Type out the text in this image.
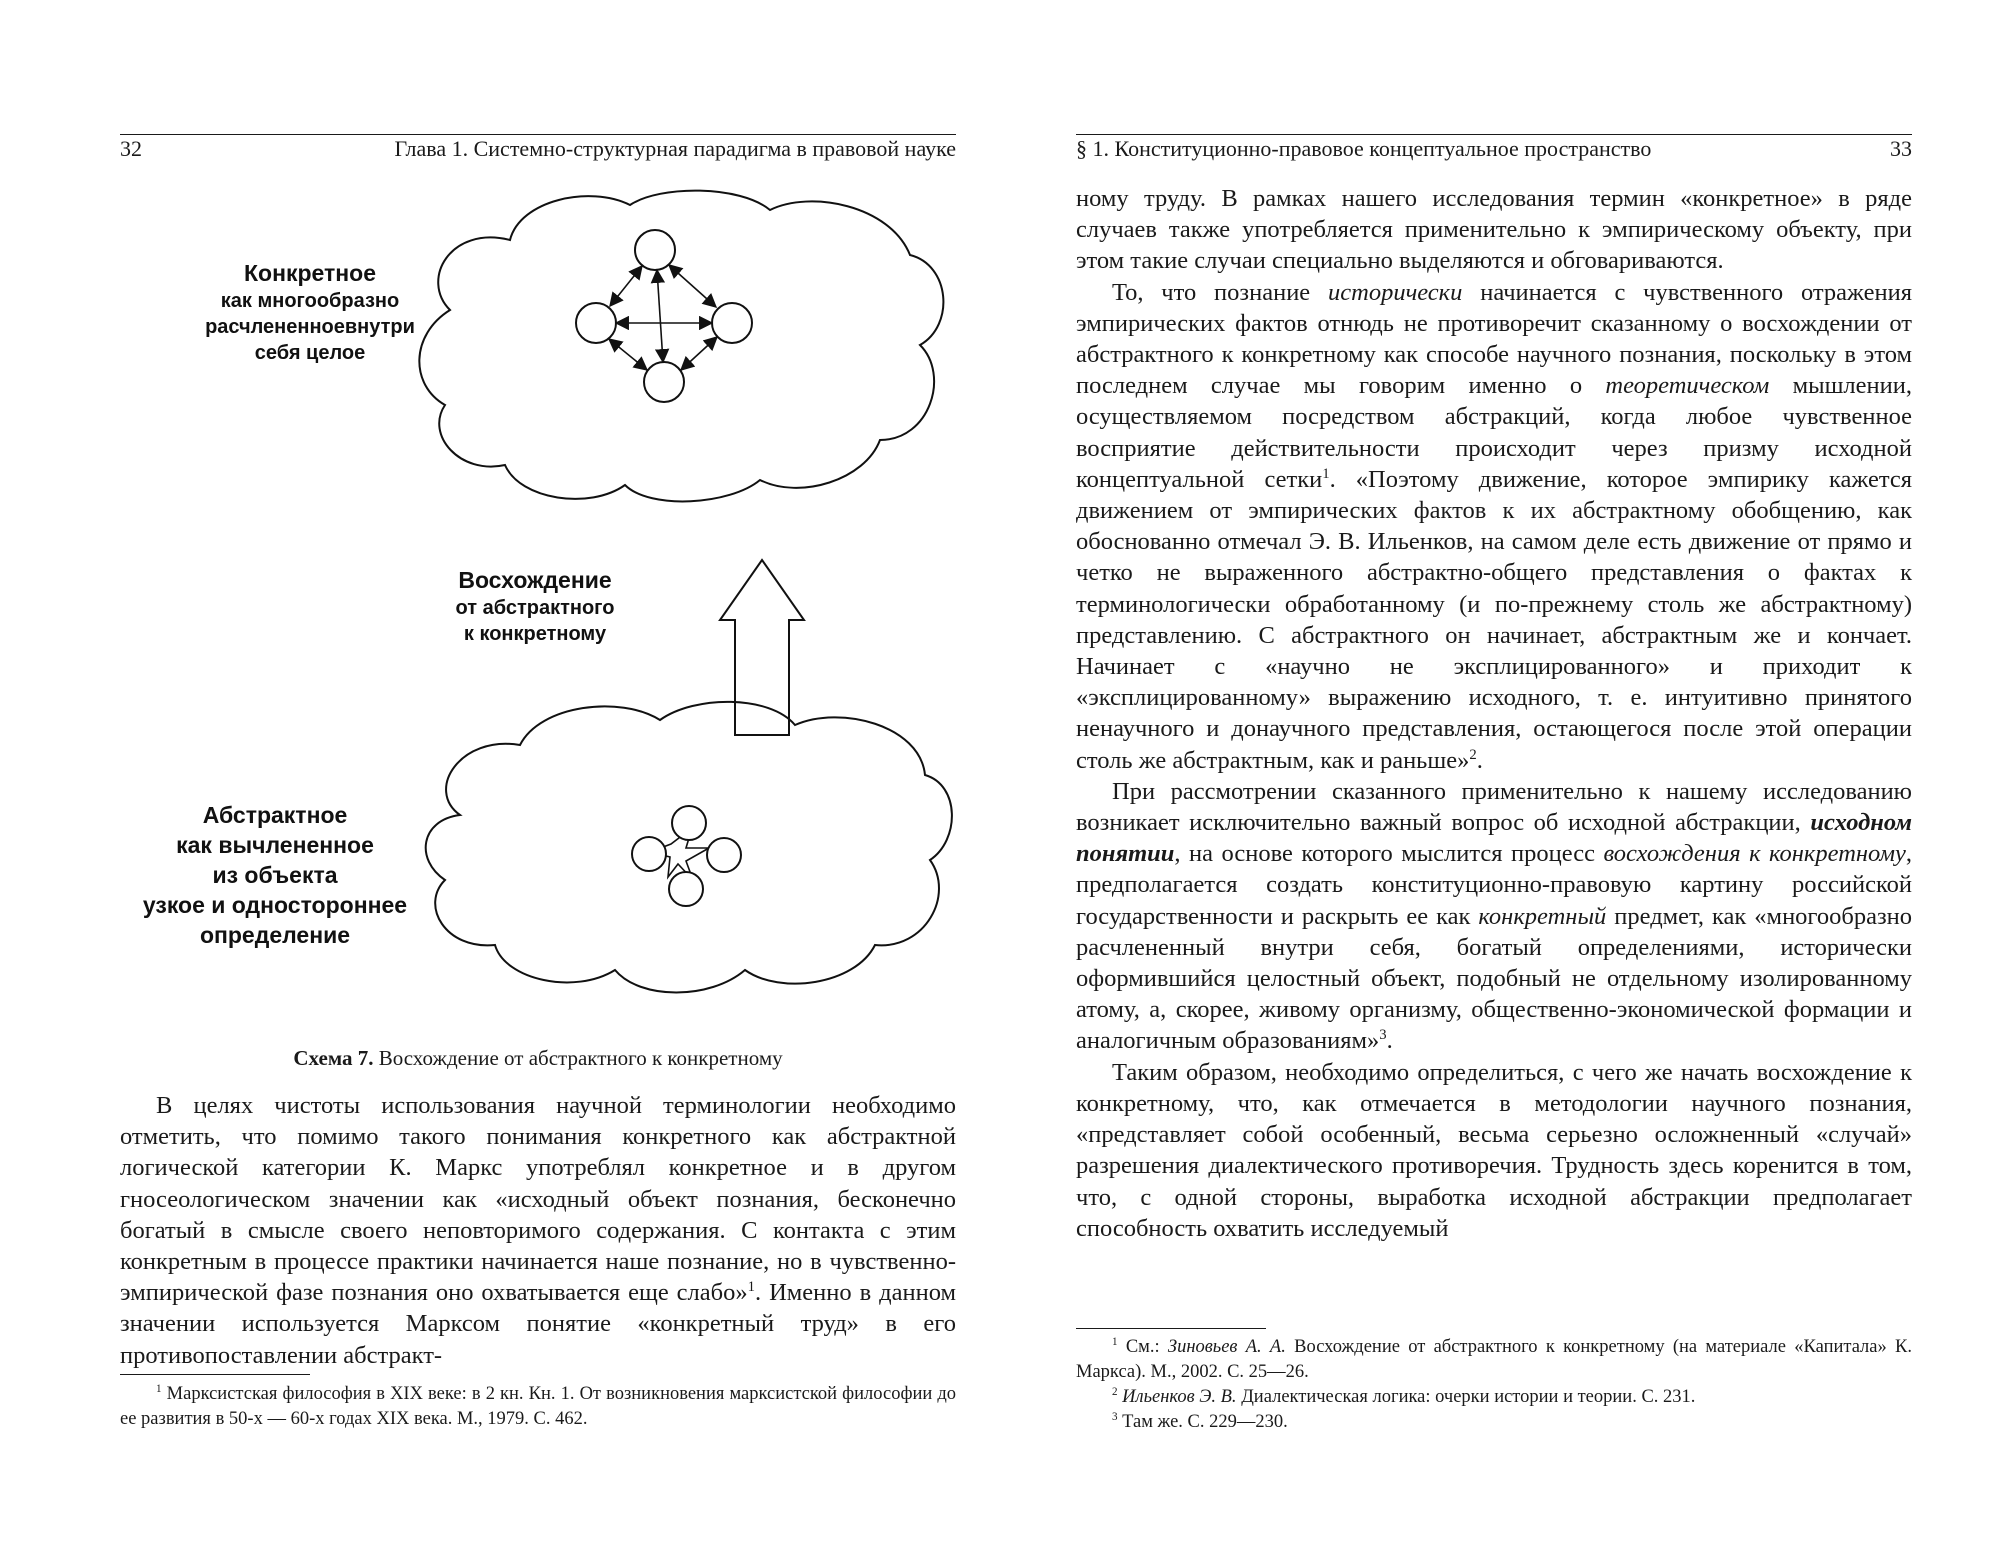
32	Глава 1. Системно-структурная парадигма в правовой науке
Конкретное
как многообразно
расчлененноевнутри
себя целое
Восхождение
от абстрактного
к конкретному
Абстрактное
как вычлененное
из объекта
узкое и одностороннее
определение
Схема 7. Восхождение от абстрактного к конкретному

В целях чистоты использования научной терминологии необходимо отметить, что помимо такого понимания конкретного как абстрактной логической категории К. Маркс употреблял конкретное и в другом гносеологическом значении как «исходный объект познания, бесконечно богатый в смысле своего неповторимого содержания. С контакта с этим конкретным в процессе практики начинается наше познание, но в чувственно-эмпирической фазе познания оно охватывается еще слабо»$^1$. Именно в данном значении используется Марксом понятие «конкретный труд» в его противопоставлении абстракт-

$^1$ Марксистская философия в XIX веке: в 2 кн. Кн. 1. От возникновения марксистской философии до ее развития в 50-х — 60-х годах XIX века. М., 1979. С. 462.

§ 1. Конституционно-правовое концептуальное пространство	33

ному труду. В рамках нашего исследования термин «конкретное» в ряде случаев также употребляется применительно к эмпирическому объекту, при этом такие случаи специально выделяются и обговариваются.

То, что познание исторически начинается с чувственного отражения эмпирических фактов отнюдь не противоречит сказанному о восхождении от абстрактного к конкретному как способе научного познания, поскольку в этом последнем случае мы говорим именно о теоретическом мышлении, осуществляемом посредством абстракций, когда любое чувственное восприятие действительности происходит через призму исходной концептуальной сетки$^1$. «Поэтому движение, которое эмпирику кажется движением от эмпирических фактов к их абстрактному обобщению, как обоснованно отмечал Э. В. Ильенков, на самом деле есть движение от прямо и четко не выраженного абстрактно-общего представления о фактах к терминологически обработанному (и по-прежнему столь же абстрактному) представлению. С абстрактного он начинает, абстрактным же и кончает. Начинает с «научно не эксплицированного» и приходит к «эксплицированному» выражению исходного, т. е. интуитивно принятого ненаучного и донаучного представления, остающегося после этой операции столь же абстрактным, как и раньше»$^2$.

При рассмотрении сказанного применительно к нашему исследованию возникает исключительно важный вопрос об исходной абстракции, исходном понятии, на основе которого мыслится процесс восхождения к конкретному, предполагается создать конституционно-правовую картину российской государственности и раскрыть ее как конкретный предмет, как «многообразно расчлененный внутри себя, богатый определениями, исторически оформившийся целостный объект, подобный не отдельному изолированному атому, а, скорее, живому организму, общественно-экономической формации и аналогичным образованиям»$^3$.

Таким образом, необходимо определиться, с чего же начать восхождение к конкретному, что, как отмечается в методологии научного познания, «представляет собой особенный, весьма серьезно осложненный «случай» разрешения диалектического противоречия. Трудность здесь коренится в том, что, с одной стороны, выработка исходной абстракции предполагает способность охватить исследуемый

$^1$ См.: Зиновьев А. А. Восхождение от абстрактного к конкретному (на материале «Капитала» К. Маркса). М., 2002. С. 25—26.

$^2$ Ильенков Э. В. Диалектическая логика: очерки истории и теории. С. 231.

$^3$ Там же. С. 229—230.
